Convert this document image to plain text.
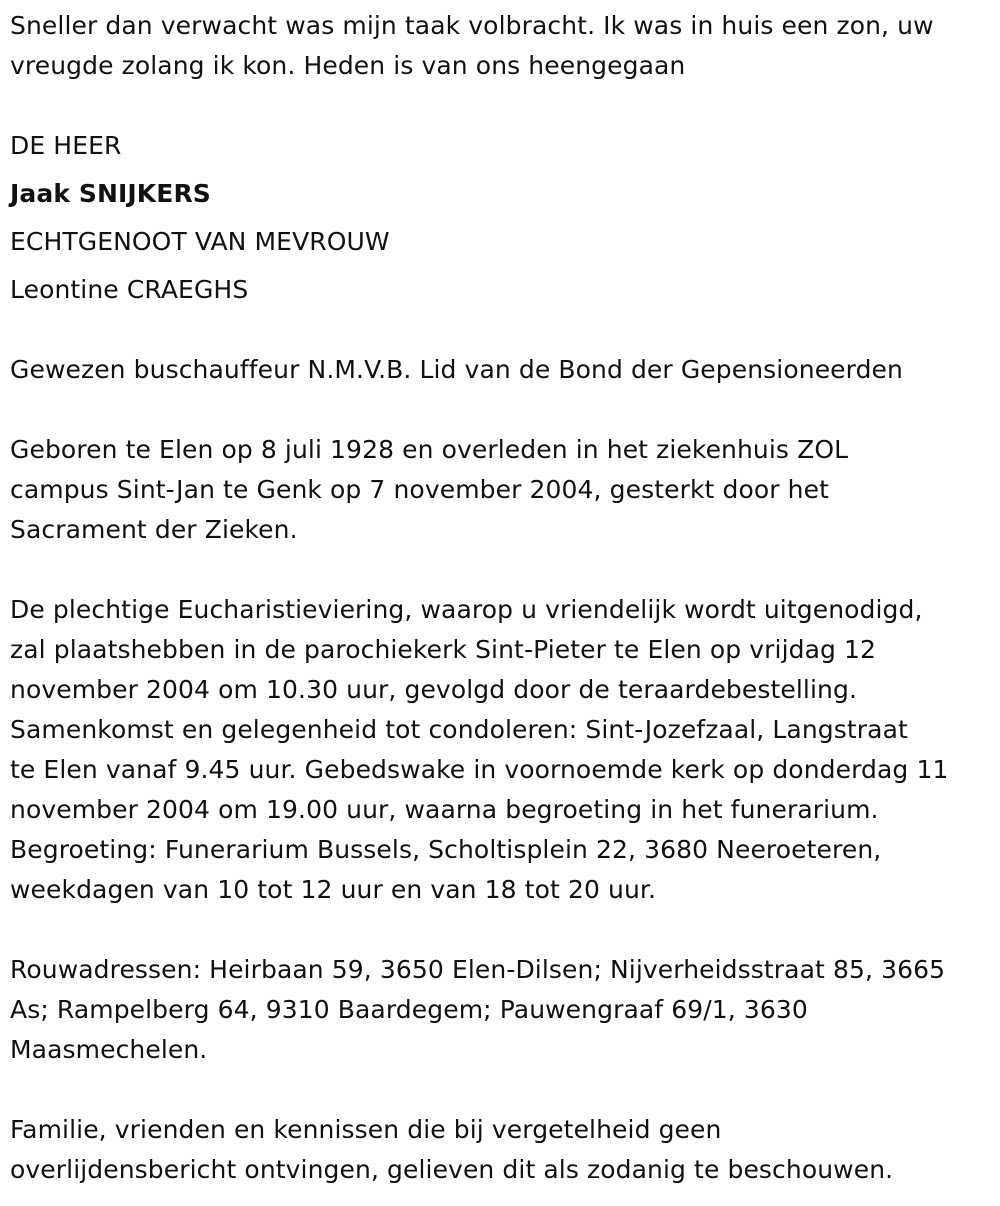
Sneller dan verwacht was mijn taak volbracht. Ik was in huis een zon, uw
vreugde zolang ik kon. Heden is van ons heengegaan
DE HEER
Jaak SNIJKERS
ECHTGENOOT VAN MEVROUW
Leontine CRAEGHS
Gewezen buschauffeur N.M.V.B. Lid van de Bond der Gepensioneerden
Geboren te Elen op 8 juli 1928 en overleden in het ziekenhuis ZOL
campus Sint-Jan te Genk op 7 november 2004, gesterkt door het
Sacrament der Zieken.
De plechtige Eucharistieviering, waarop u vriendelijk wordt uitgenodigd,
zal plaatshebben in de parochiekerk Sint-Pieter te Elen op vrijdag 12
november 2004 om 10.30 uur, gevolgd door de teraardebestelling.
Samenkomst en gelegenheid tot condoleren: Sint-Jozefzaal, Langstraat
te Elen vanaf 9.45 uur. Gebedswake in voornoemde kerk op donderdag 11
november 2004 om 19.00 uur, waarna begroeting in het funerarium.
Begroeting: Funerarium Bussels, Scholtisplein 22, 3680 Neeroeteren,
weekdagen van 10 tot 12 uur en van 18 tot 20 uur.
Rouwadressen: Heirbaan 59, 3650 Elen-Dilsen; Nijverheidsstraat 85, 3665
As; Rampelberg 64, 9310 Baardegem; Pauwengraaf 69/1, 3630
Maasmechelen.
Familie, vrienden en kennissen die bij vergetelheid geen
overlijdensbericht ontvingen, gelieven dit als zodanig te beschouwen.
